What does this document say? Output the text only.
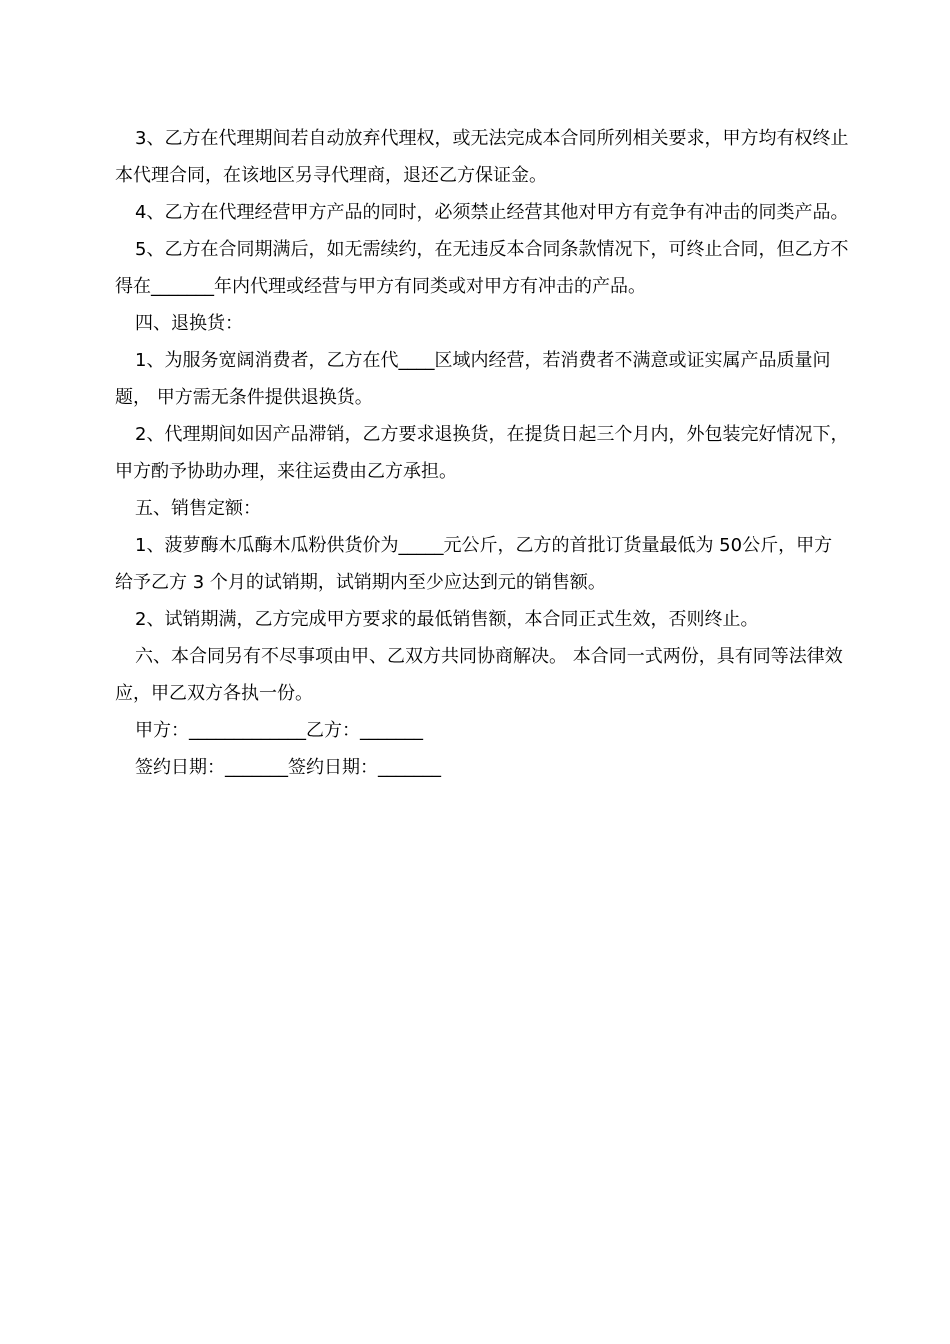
3、乙方在代理期间若自动放弃代理权，或无法完成本合同所列相关要求，甲方均有权终止本代理合同，在该地区另寻代理商，退还乙方保证金。

4、乙方在代理经营甲方产品的同时，必须禁止经营其他对甲方有竞争有冲击的同类产品。

5、乙方在合同期满后，如无需续约，在无违反本合同条款情况下，可终止合同，但乙方不得在_______年内代理或经营与甲方有同类或对甲方有冲击的产品。

四、退换货：

1、为服务宽阔消费者，乙方在代____区域内经营，若消费者不满意或证实属产品质量问题， 甲方需无条件提供退换货。

2、代理期间如因产品滞销，乙方要求退换货，在提货日起三个月内，外包装完好情况下，甲方酌予协助办理，来往运费由乙方承担。

五、销售定额：

1、菠萝酶木瓜酶木瓜粉供货价为_____元公斤，乙方的首批订货量最低为 50公斤，甲方给予乙方 3 个月的试销期，试销期内至少应达到元的销售额。

2、试销期满，乙方完成甲方要求的最低销售额，本合同正式生效，否则终止。

六、本合同另有不尽事项由甲、乙双方共同协商解决。 本合同一式两份，具有同等法律效应，甲乙双方各执一份。

甲方：_____________乙方：_______

签约日期：_______签约日期：_______
